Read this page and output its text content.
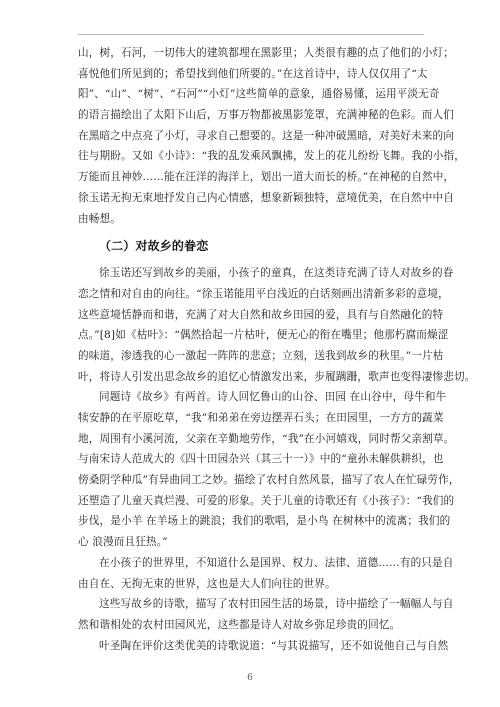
山，树，石河，一切伟大的建筑都埋在黑影里；人类很有趣的点了他们的小灯；
喜悦他们所见到的；希望找到他们所要的。”在这首诗中，诗人仅仅用了“太
阳”、“山”、“树”、“石河”“小灯”这些简单的意象，通俗易懂，运用平淡无奇
的语言描绘出了太阳下山后，万事万物都被黑影笼罩，充满神秘的色彩。而人们
在黑暗之中点亮了小灯，寻求自己想要的。这是一种冲破黑暗，对美好未来的向
往与期盼。又如《小诗》：“我的乱发乘风飘拂，发上的花儿纷纷飞舞。我的小指，
万能而且神妙……能在汪洋的海洋上，划出一道大而长的桥。”在神秘的自然中，
徐玉诺无拘无束地抒发自己内心情感，想象新颖独特，意境优美，在自然中中自
由畅想。
（二）对故乡的眷恋
徐玉诺还写到故乡的美丽，小孩子的童真，在这类诗充满了诗人对故乡的眷
恋之情和对自由的向往。“徐玉诺能用平白浅近的白话刻画出清新多彩的意境，
这些意境恬静而和谐，充满了对大自然和故乡田园的爱，具有与自然融化的特
点。”[8]如《枯叶》：“偶然拾起一片枯叶，便无心的衔在嘴里；他那朽腐而燥涩
的味道，渗透我的心一激起一阵阵的悲意；立刻，送我到故乡的秋里。”一片枯
叶，将诗人引发出思念故乡的追忆心情激发出来，步履蹒跚，歌声也变得凄惨悲切。
同题诗《故乡》有两首。诗人回忆鲁山的山谷、田园 在山谷中，母牛和牛
犊安静的在平原吃草，“我”和弟弟在旁边摆弄石头；在田园里，一方方的蔬菜
地，周围有小溪河流，父亲在辛勤地劳作，“我”在小河嬉戏，同时帮父亲割草。
与南宋诗人范成大的《四十田园杂兴（其三十一）》中的“童孙未解供耕织，也
傍桑阴学种瓜”有异曲同工之妙。描绘了农村自然风景，描写了农人在忙碌劳作，
还塑造了儿童天真烂漫、可爱的形象。关于儿童的诗歌还有《小孩子》：“我们的
步伐，是小羊 在羊场上的跳浪；我们的歌唱，是小鸟 在树林中的流离；我们的
心 浪漫而且狂热。”
在小孩子的世界里，不知道什么是国界、权力、法律、道德……有的只是自
由自在、无拘无束的世界，这也是大人们向往的世界。
这些写故乡的诗歌，描写了农村田园生活的场景，诗中描绘了一幅幅人与自
然和谐相处的农村田园风光，这些都是诗人对故乡弥足珍贵的回忆。
叶圣陶在评价这类优美的诗歌说道：“与其说描写，还不如说他自己与自然
6
